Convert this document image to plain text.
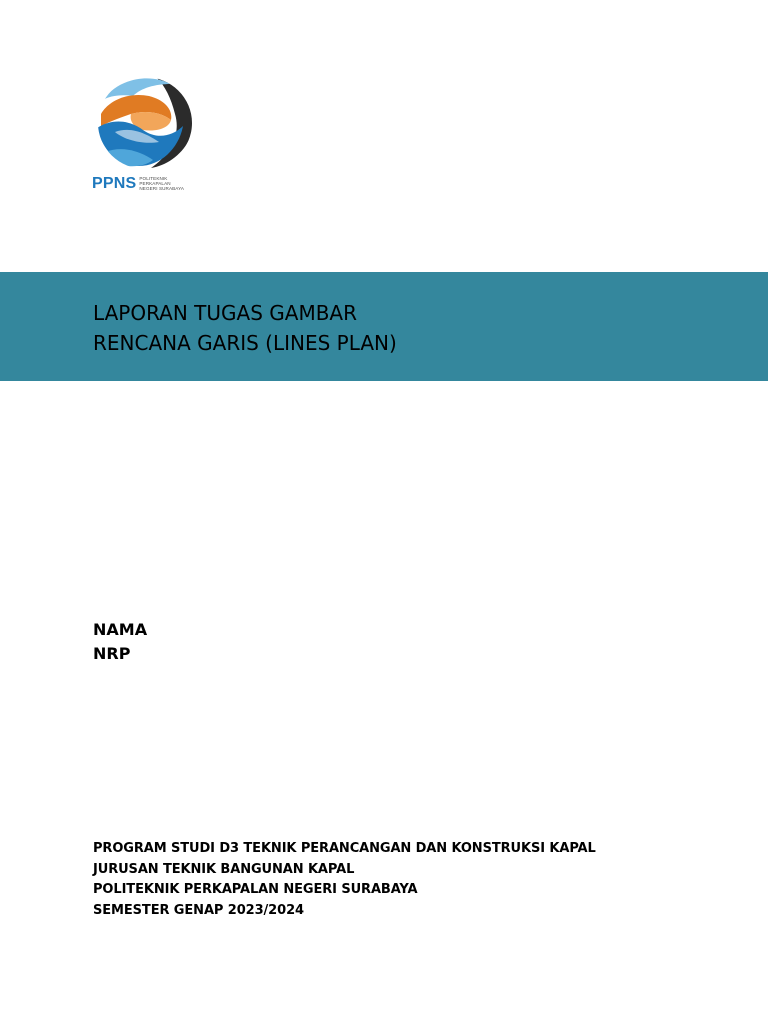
PPNS POLITEKNIK
PERKAPALAN
NEGERI SURABAYA
LAPORAN TUGAS GAMBAR
RENCANA GARIS (LINES PLAN)
NAMA
NRP
PROGRAM STUDI D3 TEKNIK PERANCANGAN DAN KONSTRUKSI KAPAL
JURUSAN TEKNIK BANGUNAN KAPAL
POLITEKNIK PERKAPALAN NEGERI SURABAYA
SEMESTER GENAP 2023/2024
